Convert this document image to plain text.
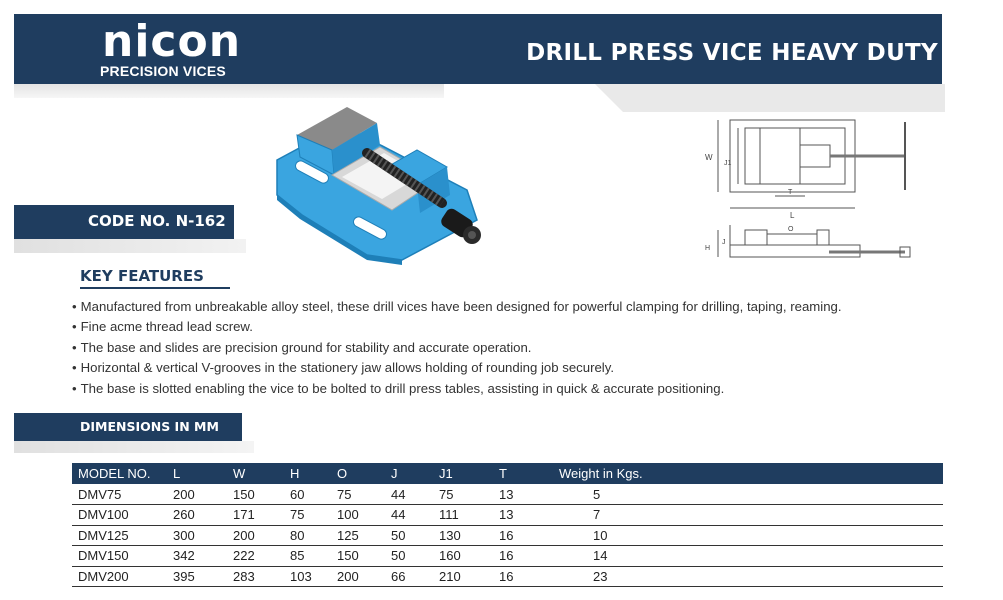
nicon
PRECISION VICES
DRILL PRESS VICE HEAVY DUTY
W
J1
T
L
O
H
J
CODE NO. N-162
KEY FEATURES
• Manufactured from unbreakable alloy steel, these drill vices have been designed for powerful clamping for drilling, taping, reaming.
• Fine acme thread lead screw.
• The base and slides are precision ground for stability and accurate operation.
• Horizontal & vertical V-grooves in the stationery jaw allows holding of rounding job securely.
• The base is slotted enabling the vice to be bolted to drill press tables, assisting in quick & accurate positioning.
DIMENSIONS IN MM
MODEL NO.	L	W	H	O	J	J1	T	Weight in Kgs.
DMV75	200	150	60	75	44	75	13	5
DMV100	260	171	75	100	44	111	13	7
DMV125	300	200	80	125	50	130	16	10
DMV150	342	222	85	150	50	160	16	14
DMV200	395	283	103	200	66	210	16	23
